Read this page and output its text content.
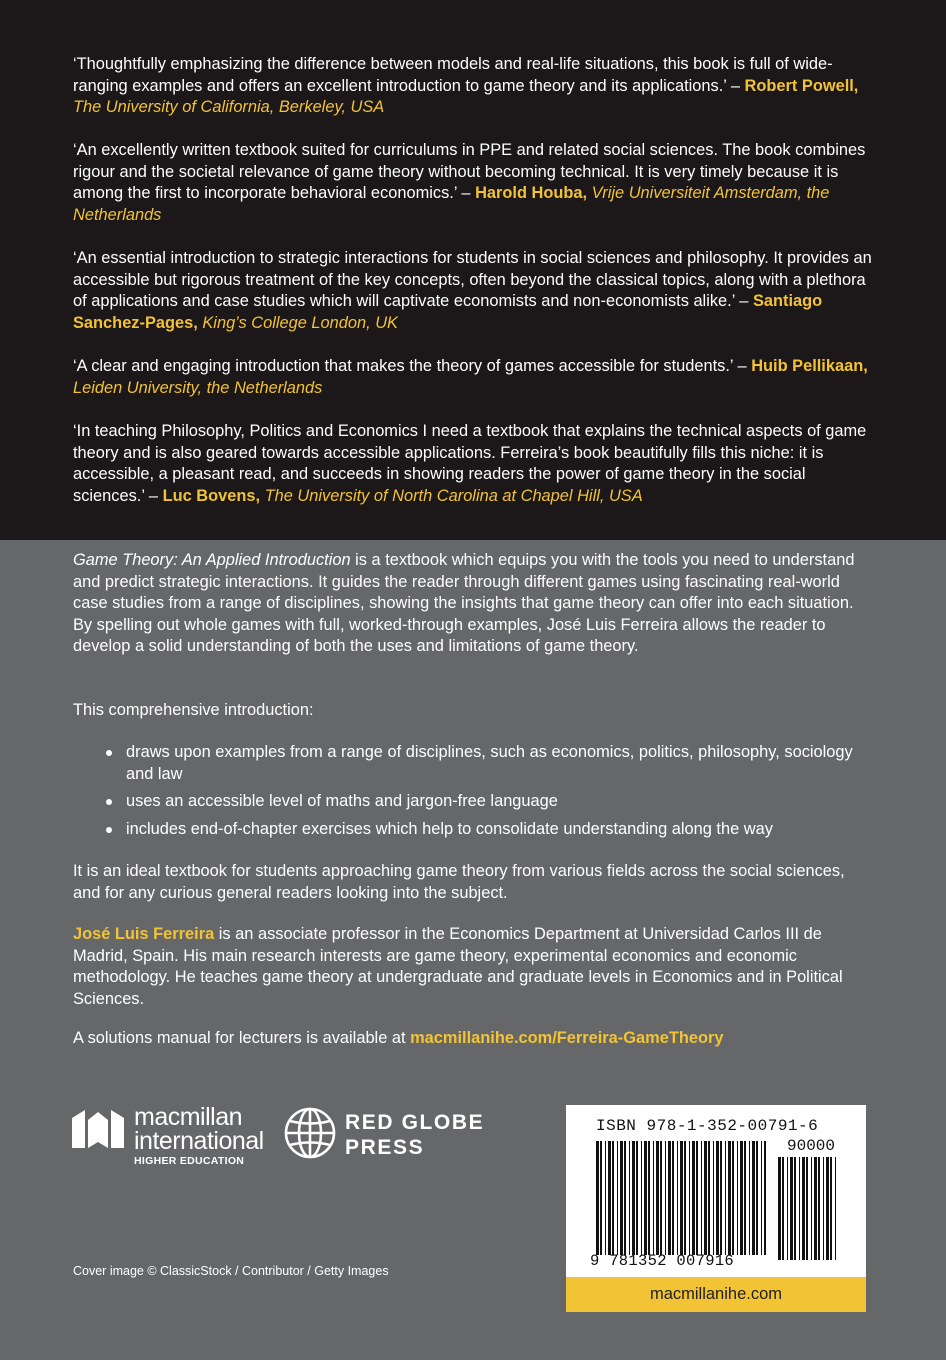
‘Thoughtfully emphasizing the difference between models and real-life situations, this book is full of wide-ranging examples and offers an excellent introduction to game theory and its applications.’ – Robert Powell, The University of California, Berkeley, USA

‘An excellently written textbook suited for curriculums in PPE and related social sciences. The book combines rigour and the societal relevance of game theory without becoming technical. It is very timely because it is among the first to incorporate behavioral economics.’ – Harold Houba, Vrije Universiteit Amsterdam, the Netherlands

‘An essential introduction to strategic interactions for students in social sciences and philosophy. It provides an accessible but rigorous treatment of the key concepts, often beyond the classical topics, along with a plethora of applications and case studies which will captivate economists and non-economists alike.’ – Santiago Sanchez-Pages, King’s College London, UK

‘A clear and engaging introduction that makes the theory of games accessible for students.’ – Huib Pellikaan, Leiden University, the Netherlands

‘In teaching Philosophy, Politics and Economics I need a textbook that explains the technical aspects of game theory and is also geared towards accessible applications. Ferreira’s book beautifully fills this niche: it is accessible, a pleasant read, and succeeds in showing readers the power of game theory in the social sciences.’ – Luc Bovens, The University of North Carolina at Chapel Hill, USA

Game Theory: An Applied Introduction is a textbook which equips you with the tools you need to understand and predict strategic interactions. It guides the reader through different games using fascinating real-world case studies from a range of disciplines, showing the insights that game theory can offer into each situation. By spelling out whole games with full, worked-through examples, José Luis Ferreira allows the reader to develop a solid understanding of both the uses and limitations of game theory.

This comprehensive introduction:

draws upon examples from a range of disciplines, such as economics, politics, philosophy, sociology and law
uses an accessible level of maths and jargon-free language
includes end-of-chapter exercises which help to consolidate understanding along the way

It is an ideal textbook for students approaching game theory from various fields across the social sciences, and for any curious general readers looking into the subject.

José Luis Ferreira is an associate professor in the Economics Department at Universidad Carlos III de Madrid, Spain. His main research interests are game theory, experimental economics and economic methodology. He teaches game theory at undergraduate and graduate levels in Economics and in Political Sciences.

A solutions manual for lecturers is available at macmillanihe.com/Ferreira-GameTheory

macmillan
international
HIGHER EDUCATION
RED GLOBE
PRESS
Cover image © ClassicStock / Contributor / Getty Images
ISBN 978-1-352-00791-6
90000
9 781352 007916
macmillanihe.com
